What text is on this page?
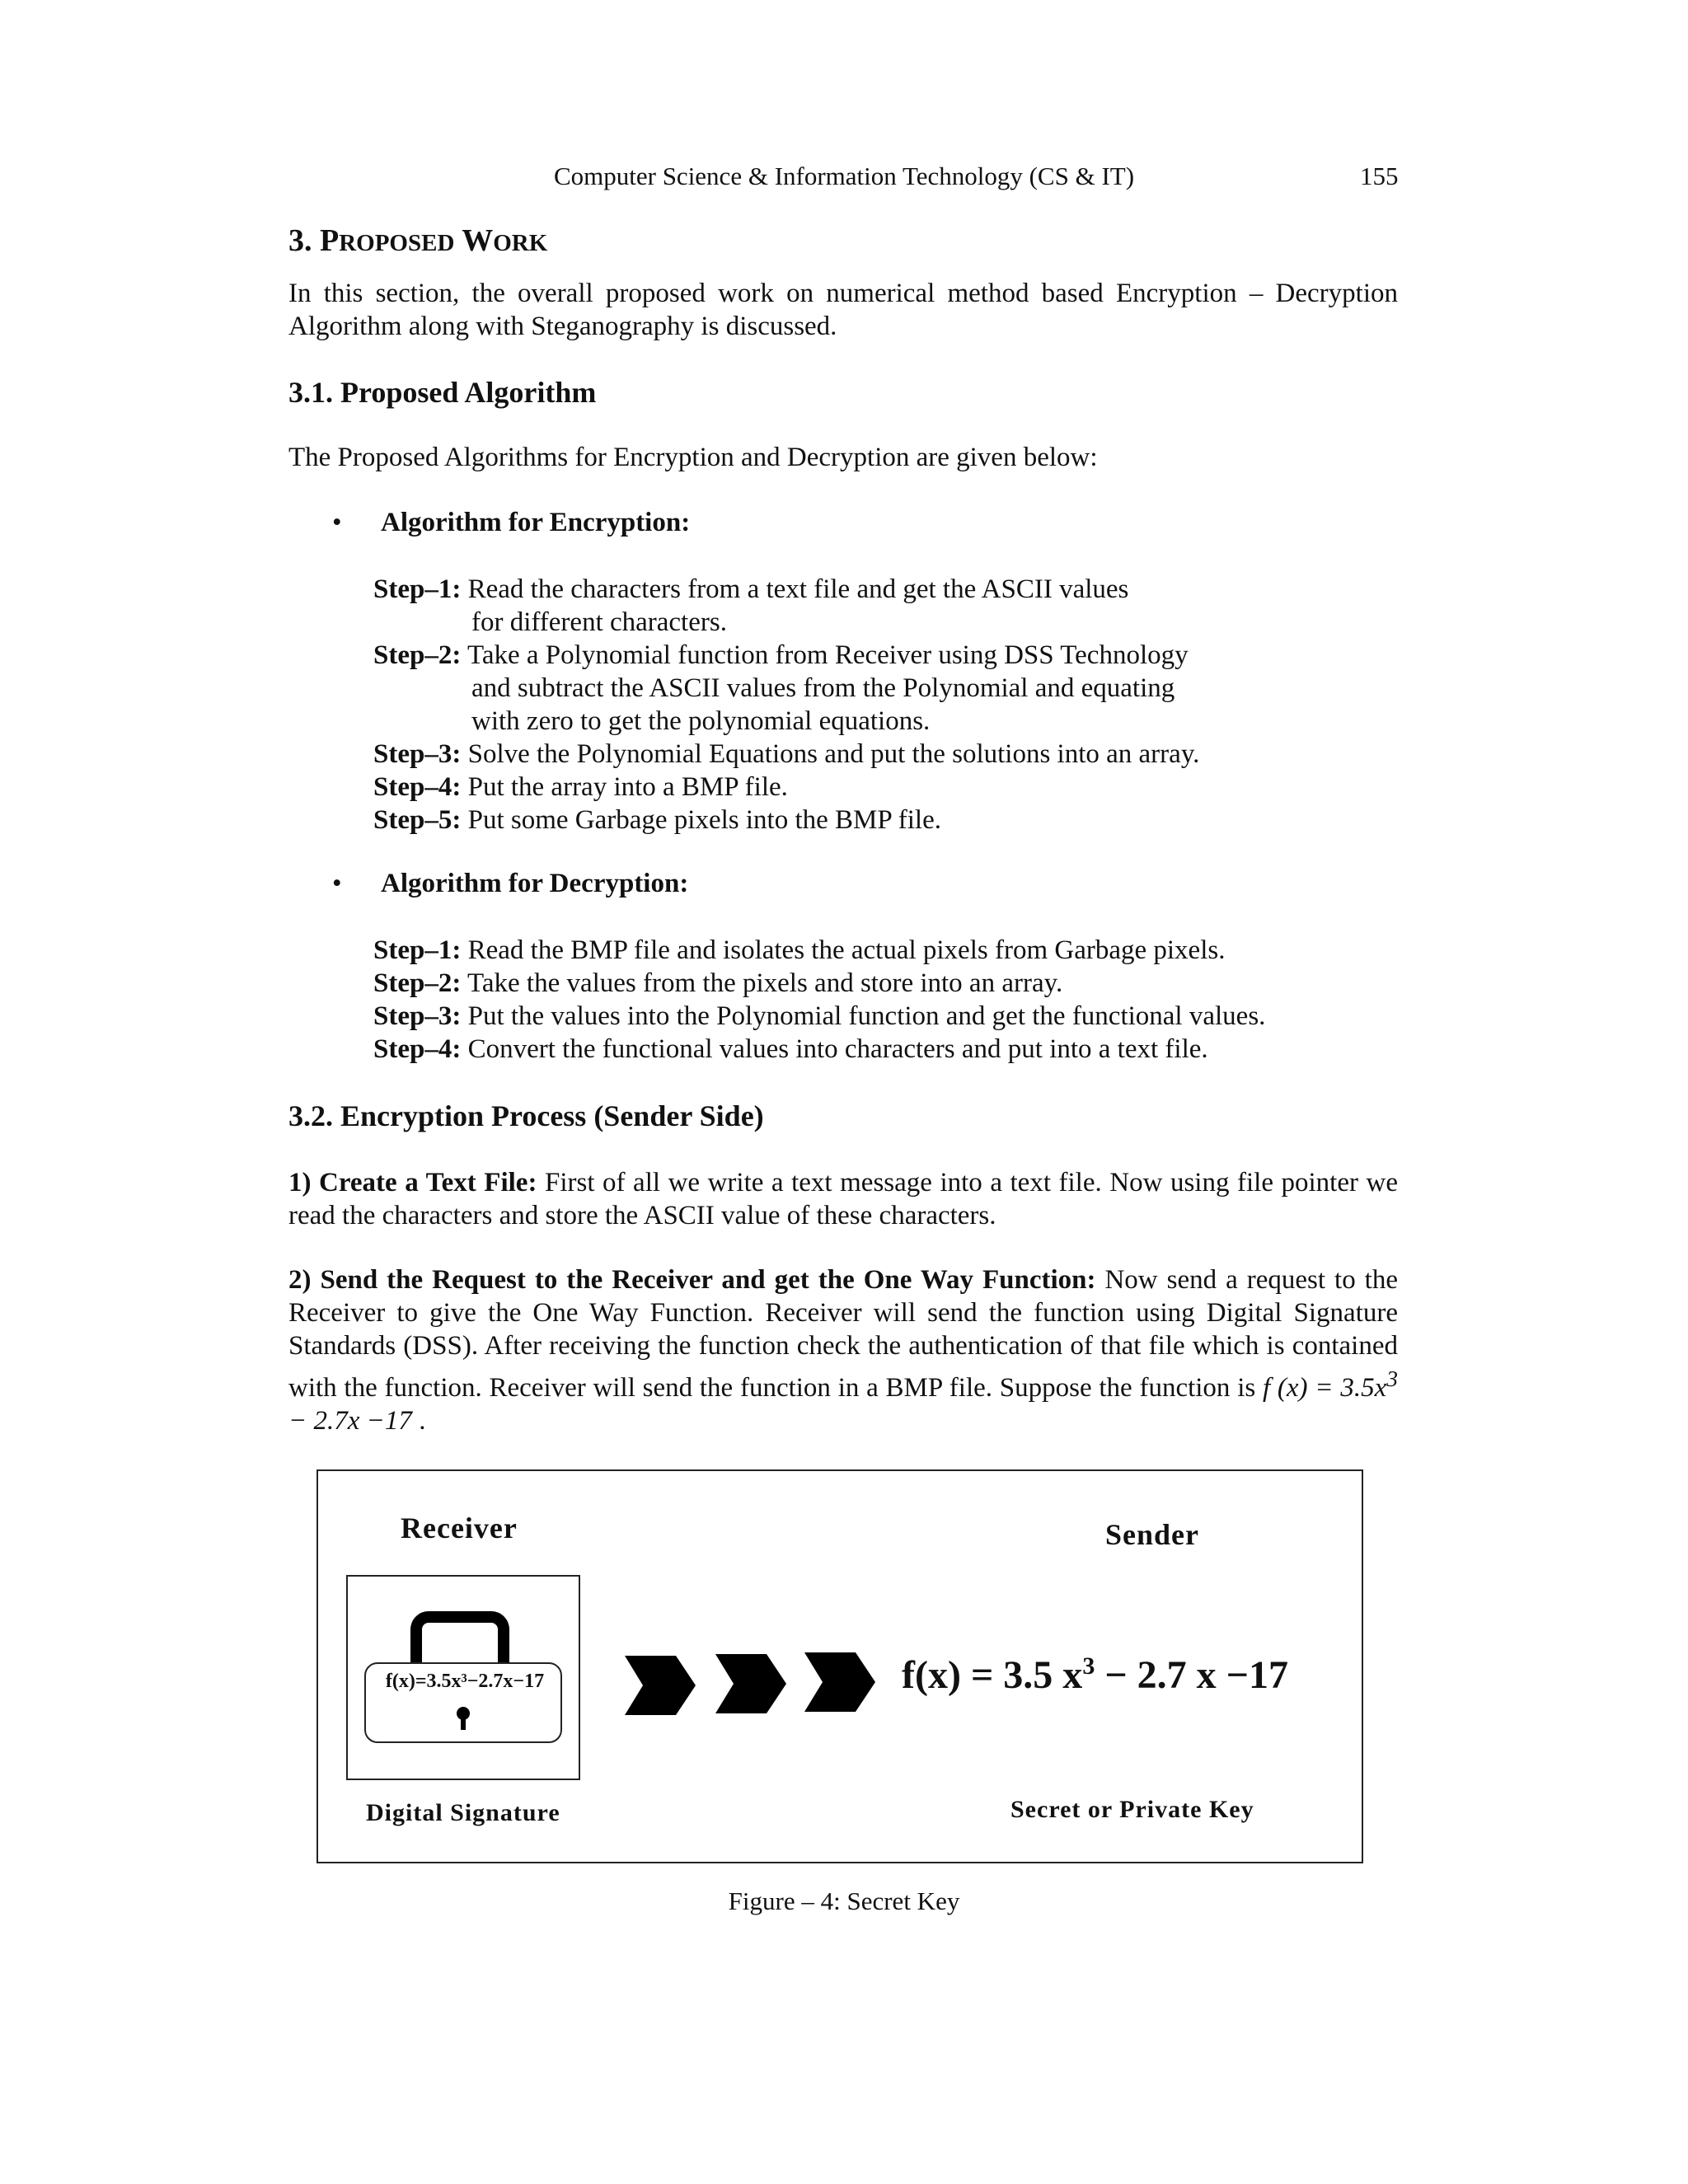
Computer Science & Information Technology (CS & IT)	155
3. PROPOSED WORK
In this section, the overall proposed work on numerical method based Encryption – Decryption Algorithm along with Steganography is discussed.
3.1. Proposed Algorithm
The Proposed Algorithms for Encryption and Decryption are given below:
• Algorithm for Encryption:
Step–1: Read the characters from a text file and get the ASCII values
for different characters.
Step–2: Take a Polynomial function from Receiver using DSS Technology
and subtract the ASCII values from the Polynomial and equating
with zero to get the polynomial equations.
Step–3: Solve the Polynomial Equations and put the solutions into an array.
Step–4: Put the array into a BMP file.
Step–5: Put some Garbage pixels into the BMP file.
• Algorithm for Decryption:
Step–1: Read the BMP file and isolates the actual pixels from Garbage pixels.
Step–2: Take the values from the pixels and store into an array.
Step–3: Put the values into the Polynomial function and get the functional values.
Step–4: Convert the functional values into characters and put into a text file.
3.2. Encryption Process (Sender Side)
1) Create a Text File: First of all we write a text message into a text file. Now using file pointer we read the characters and store the ASCII value of these characters.
2) Send the Request to the Receiver and get the One Way Function: Now send a request to the Receiver to give the One Way Function. Receiver will send the function using Digital Signature Standards (DSS). After receiving the function check the authentication of that file which is contained with the function. Receiver will send the function in a BMP file. Suppose the function is f $(x) = 3.5x^3 - 2.7x -17$ .
Receiver	Sender
f(x)=3.5x³−2.7x−17	f(x) = 3.5 $x^3 - 2.7$ x −17
Digital Signature	Secret or Private Key
Figure – 4: Secret Key
